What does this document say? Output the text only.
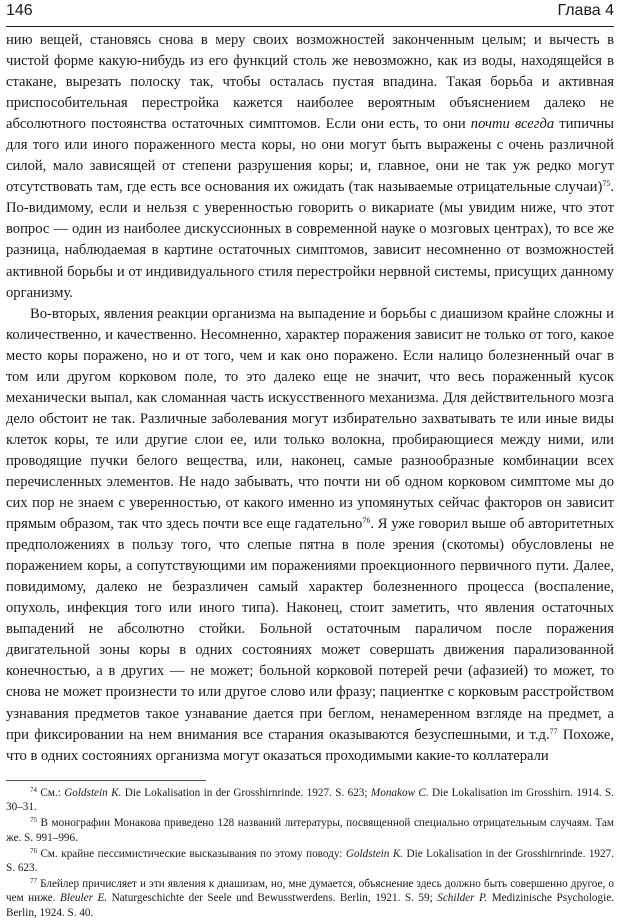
146	Глава 4

нию вещей, становясь снова в меру своих возможностей законченным целым; и вычесть в чистой форме какую-нибудь из его функций столь же невозможно, как из воды, находящейся в стакане, вырезать полоску так, чтобы осталась пустая впадина. Такая борьба и активная приспособительная перестройка кажется наиболее вероятным объяснением далеко не абсолютного постоянства остаточных симптомов. Если они есть, то они почти всегда типичны для того или иного пораженного места коры, но они могут быть выражены с очень различной силой, мало зависящей от степени разрушения коры; и, главное, они не так уж редко могут отсутствовать там, где есть все основания их ожидать (так называемые отрицательные случаи)$^{75}$. По-видимому, если и нельзя с уверенностью говорить о викариате (мы увидим ниже, что этот вопрос — один из наиболее дискуссионных в современной науке о мозговых центрах), то все же разница, наблюдаемая в картине остаточных симптомов, зависит несомненно от возможностей активной борьбы и от индивидуального стиля перестройки нервной системы, присущих данному организму.

Во-вторых, явления реакции организма на выпадение и борьбы с диашизом крайне сложны и количественно, и качественно. Несомненно, характер поражения зависит не только от того, какое место коры поражено, но и от того, чем и как оно поражено. Если налицо болезненный очаг в том или другом корковом поле, то это далеко еще не значит, что весь пораженный кусок механически выпал, как сломанная часть искусственного механизма. Для действительного мозга дело обстоит не так. Различные заболевания могут избирательно захватывать те или иные виды клеток коры, те или другие слои ее, или только волокна, пробирающиеся между ними, или проводящие пучки белого вещества, или, наконец, самые разнообразные комбинации всех перечисленных элементов. Не надо забывать, что почти ни об одном корковом симптоме мы до сих пор не знаем с уверенностью, от какого именно из упомянутых сейчас факторов он зависит прямым образом, так что здесь почти все еще гадательно$^{76}$. Я уже говорил выше об авторитетных предположениях в пользу того, что слепые пятна в поле зрения (скотомы) обусловлены не поражением коры, а сопутствующими им поражениями проекционного первичного пути. Далее, повидимому, далеко не безразличен самый характер болезненного процесса (воспаление, опухоль, инфекция того или иного типа). Наконец, стоит заметить, что явления остаточных выпадений не абсолютно стойки. Больной остаточным параличом после поражения двигательной зоны коры в одних состояниях может совершать движения парализованной конечностью, а в других — не может; больной корковой потерей речи (афазией) то может, то снова не может произнести то или другое слово или фразу; пациентке с корковым расстройством узнавания предметов такое узнавание дается при беглом, ненамеренном взгляде на предмет, а при фиксировании на нем внимания все старания оказываются безуспешными, и т.д.$^{77}$ Похоже, что в одних состояниях организма могут оказаться проходимыми какие-то коллатерали

$^{74}$ См.: Goldstein K. Die Lokalisation in der Grosshirnrinde. 1927. S. 623; Monakow C. Die Lokalisation im Grosshirn. 1914. S. 30–31.

$^{75}$ В монографии Монакова приведено 128 названий литературы, посвященной специально отрицательным случаям. Там же. S. 991–996.

$^{76}$ См. крайне пессимистические высказывания по этому поводу: Goldstein K. Die Lokalisation in der Grosshirnrinde. 1927. S. 623.

$^{77}$ Блейлер причисляет и эти явления к диашизам, но, мне думается, объяснение здесь должно быть совершенно другое, о чем ниже. Bleuler E. Naturgeschichte der Seele und Bewusstwerdens. Berlin, 1921. S. 59; Schilder P. Medizinische Psychologie. Berlin, 1924. S. 40.
